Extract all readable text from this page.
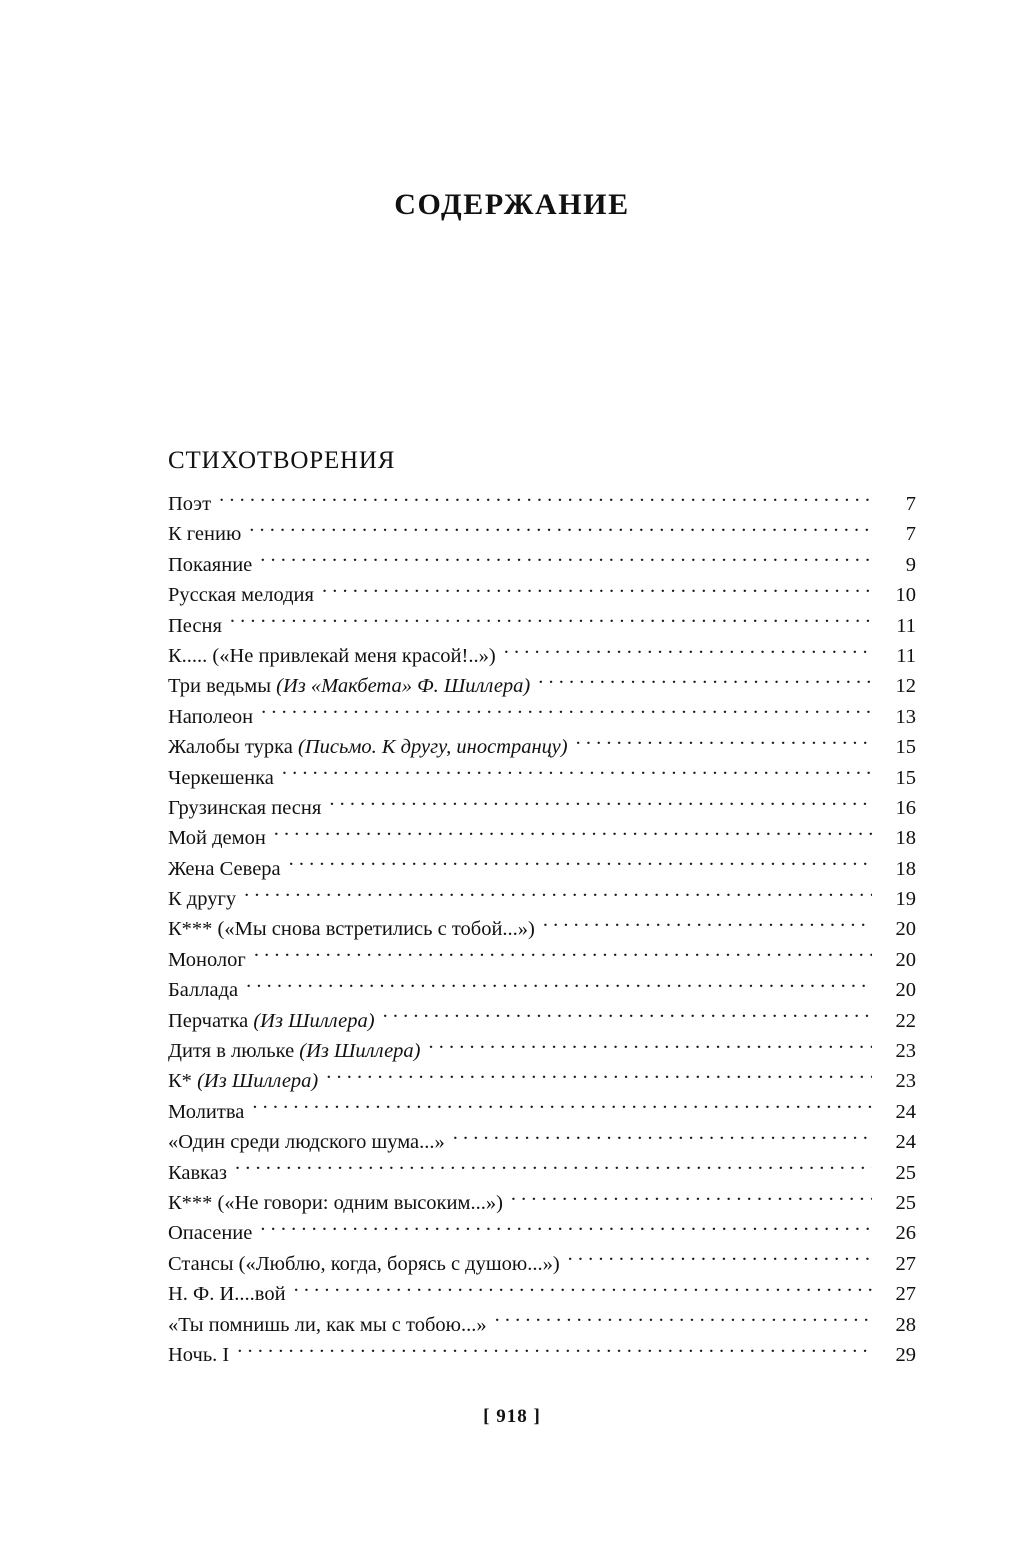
СОДЕРЖАНИЕ
СТИХОТВОРЕНИЯ
Поэт . . .	7
К гению . . .	7
Покаяние . . .	9
Русская мелодия . . .	10
Песня . . .	11
К..... («Не привлекай меня красой!..») . . .	11
Три ведьмы (Из «Макбета» Ф. Шиллера) . . .	12
Наполеон . . .	13
Жалобы турка (Письмо. К другу, иностранцу) . . .	15
Черкешенка . . .	15
Грузинская песня . . .	16
Мой демон . . .	18
Жена Севера . . .	18
К другу . . .	19
К*** («Мы снова встретились с тобой...») . . .	20
Монолог . . .	20
Баллада . . .	20
Перчатка (Из Шиллера) . . .	22
Дитя в люльке (Из Шиллера) . . .	23
К* (Из Шиллера) . . .	23
Молитва . . .	24
«Один среди людского шума...» . . .	24
Кавказ . . .	25
К*** («Не говори: одним высоким...») . . .	25
Опасение . . .	26
Стансы («Люблю, когда, борясь с душою...») . . .	27
Н. Ф. И....вой . . .	27
«Ты помнишь ли, как мы с тобою...» . . .	28
Ночь. I . . .	29
[ 918 ]
